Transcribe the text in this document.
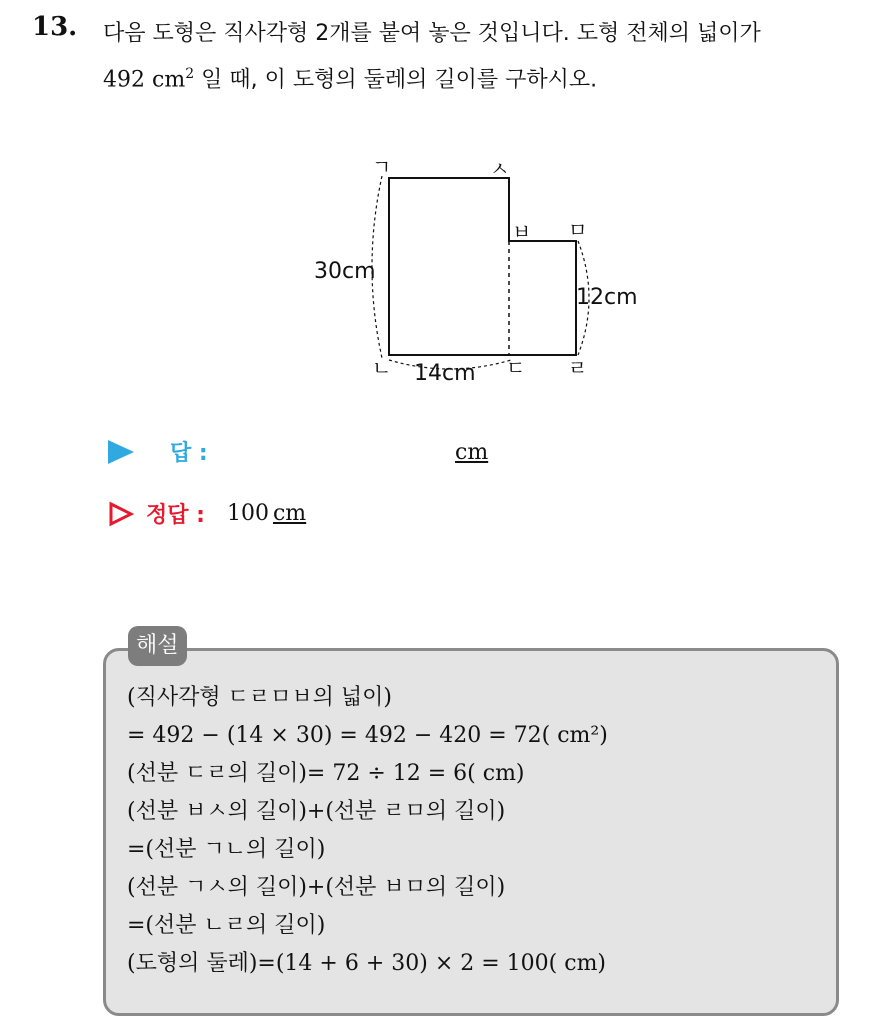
13. 다음 도형은 직사각형 2개를 붙여 놓은 것입니다. 도형 전체의 넓이가
492 $cm^2$ 일 때, 이 도형의 둘레의 길이를 구하시오.
ㄱ	ㅅ
ㅂ ㅁ
ㄴ	ㄷ ㄹ
30cm
14cm
12cm
답 :	cm
정답 : 100 cm
해설
(직사각형 ㄷㄹㅁㅂ의 넓이)
= 492 − (14 × 30) = 492 − 420 = 72( cm²)
(선분 ㄷㄹ의 길이)= 72 ÷ 12 = 6( cm)
(선분 ㅂㅅ의 길이)+(선분 ㄹㅁ의 길이)
=(선분 ㄱㄴ의 길이)
(선분 ㄱㅅ의 길이)+(선분 ㅂㅁ의 길이)
=(선분 ㄴㄹ의 길이)
(도형의 둘레)=(14 + 6 + 30) × 2 = 100( cm)
